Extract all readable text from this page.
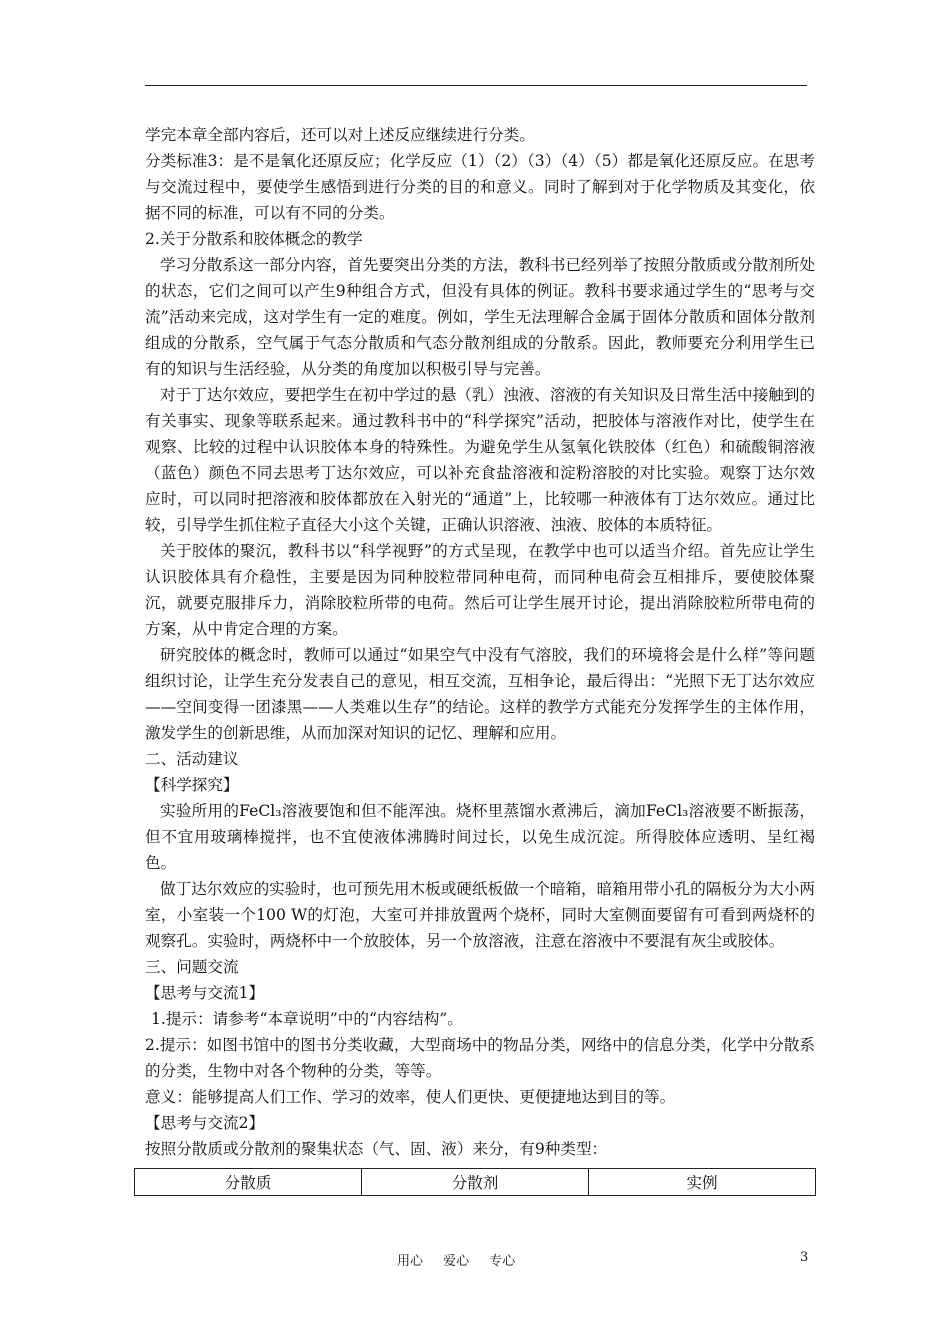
学完本章全部内容后，还可以对上述反应继续进行分类。

分类标准3：是不是氧化还原反应；化学反应（1）（2）（3）（4）（5）都是氧化还原反应。在思考与交流过程中，要使学生感悟到进行分类的目的和意义。同时了解到对于化学物质及其变化，依据不同的标准，可以有不同的分类。

2.关于分散系和胶体概念的教学

学习分散系这一部分内容，首先要突出分类的方法，教科书已经列举了按照分散质或分散剂所处的状态，它们之间可以产生9种组合方式，但没有具体的例证。教科书要求通过学生的“思考与交流”活动来完成，这对学生有一定的难度。例如，学生无法理解合金属于固体分散质和固体分散剂组成的分散系，空气属于气态分散质和气态分散剂组成的分散系。因此，教师要充分利用学生已有的知识与生活经验，从分类的角度加以积极引导与完善。

对于丁达尔效应，要把学生在初中学过的悬（乳）浊液、溶液的有关知识及日常生活中接触到的有关事实、现象等联系起来。通过教科书中的“科学探究”活动，把胶体与溶液作对比，使学生在观察、比较的过程中认识胶体本身的特殊性。为避免学生从氢氧化铁胶体（红色）和硫酸铜溶液（蓝色）颜色不同去思考丁达尔效应，可以补充食盐溶液和淀粉溶胶的对比实验。观察丁达尔效应时，可以同时把溶液和胶体都放在入射光的“通道”上，比较哪一种液体有丁达尔效应。通过比较，引导学生抓住粒子直径大小这个关键，正确认识溶液、浊液、胶体的本质特征。

关于胶体的聚沉，教科书以“科学视野”的方式呈现，在教学中也可以适当介绍。首先应让学生认识胶体具有介稳性，主要是因为同种胶粒带同种电荷，而同种电荷会互相排斥，要使胶体聚沉，就要克服排斥力，消除胶粒所带的电荷。然后可让学生展开讨论，提出消除胶粒所带电荷的方案，从中肯定合理的方案。

研究胶体的概念时，教师可以通过“如果空气中没有气溶胶，我们的环境将会是什么样”等问题组织讨论，让学生充分发表自己的意见，相互交流，互相争论，最后得出：“光照下无丁达尔效应——空间变得一团漆黑——人类难以生存”的结论。这样的教学方式能充分发挥学生的主体作用，激发学生的创新思维，从而加深对知识的记忆、理解和应用。

二、活动建议

【科学探究】

实验所用的FeCl₃溶液要饱和但不能浑浊。烧杯里蒸馏水煮沸后，滴加FeCl₃溶液要不断振荡，但不宜用玻璃棒搅拌，也不宜使液体沸腾时间过长，以免生成沉淀。所得胶体应透明、呈红褐色。

做丁达尔效应的实验时，也可预先用木板或硬纸板做一个暗箱，暗箱用带小孔的隔板分为大小两室，小室装一个100 W的灯泡，大室可并排放置两个烧杯，同时大室侧面要留有可看到两烧杯的观察孔。实验时，两烧杯中一个放胶体，另一个放溶液，注意在溶液中不要混有灰尘或胶体。

三、问题交流

【思考与交流1】

1.提示：请参考“本章说明”中的“内容结构”。

2.提示：如图书馆中的图书分类收藏，大型商场中的物品分类，网络中的信息分类，化学中分散系的分类，生物中对各个物种的分类，等等。

意义：能够提高人们工作、学习的效率，使人们更快、更便捷地达到目的等。

【思考与交流2】

按照分散质或分散剂的聚集状态（气、固、液）来分，有9种类型：

分散质	分散剂	实例
用心 爱心 专心	3
